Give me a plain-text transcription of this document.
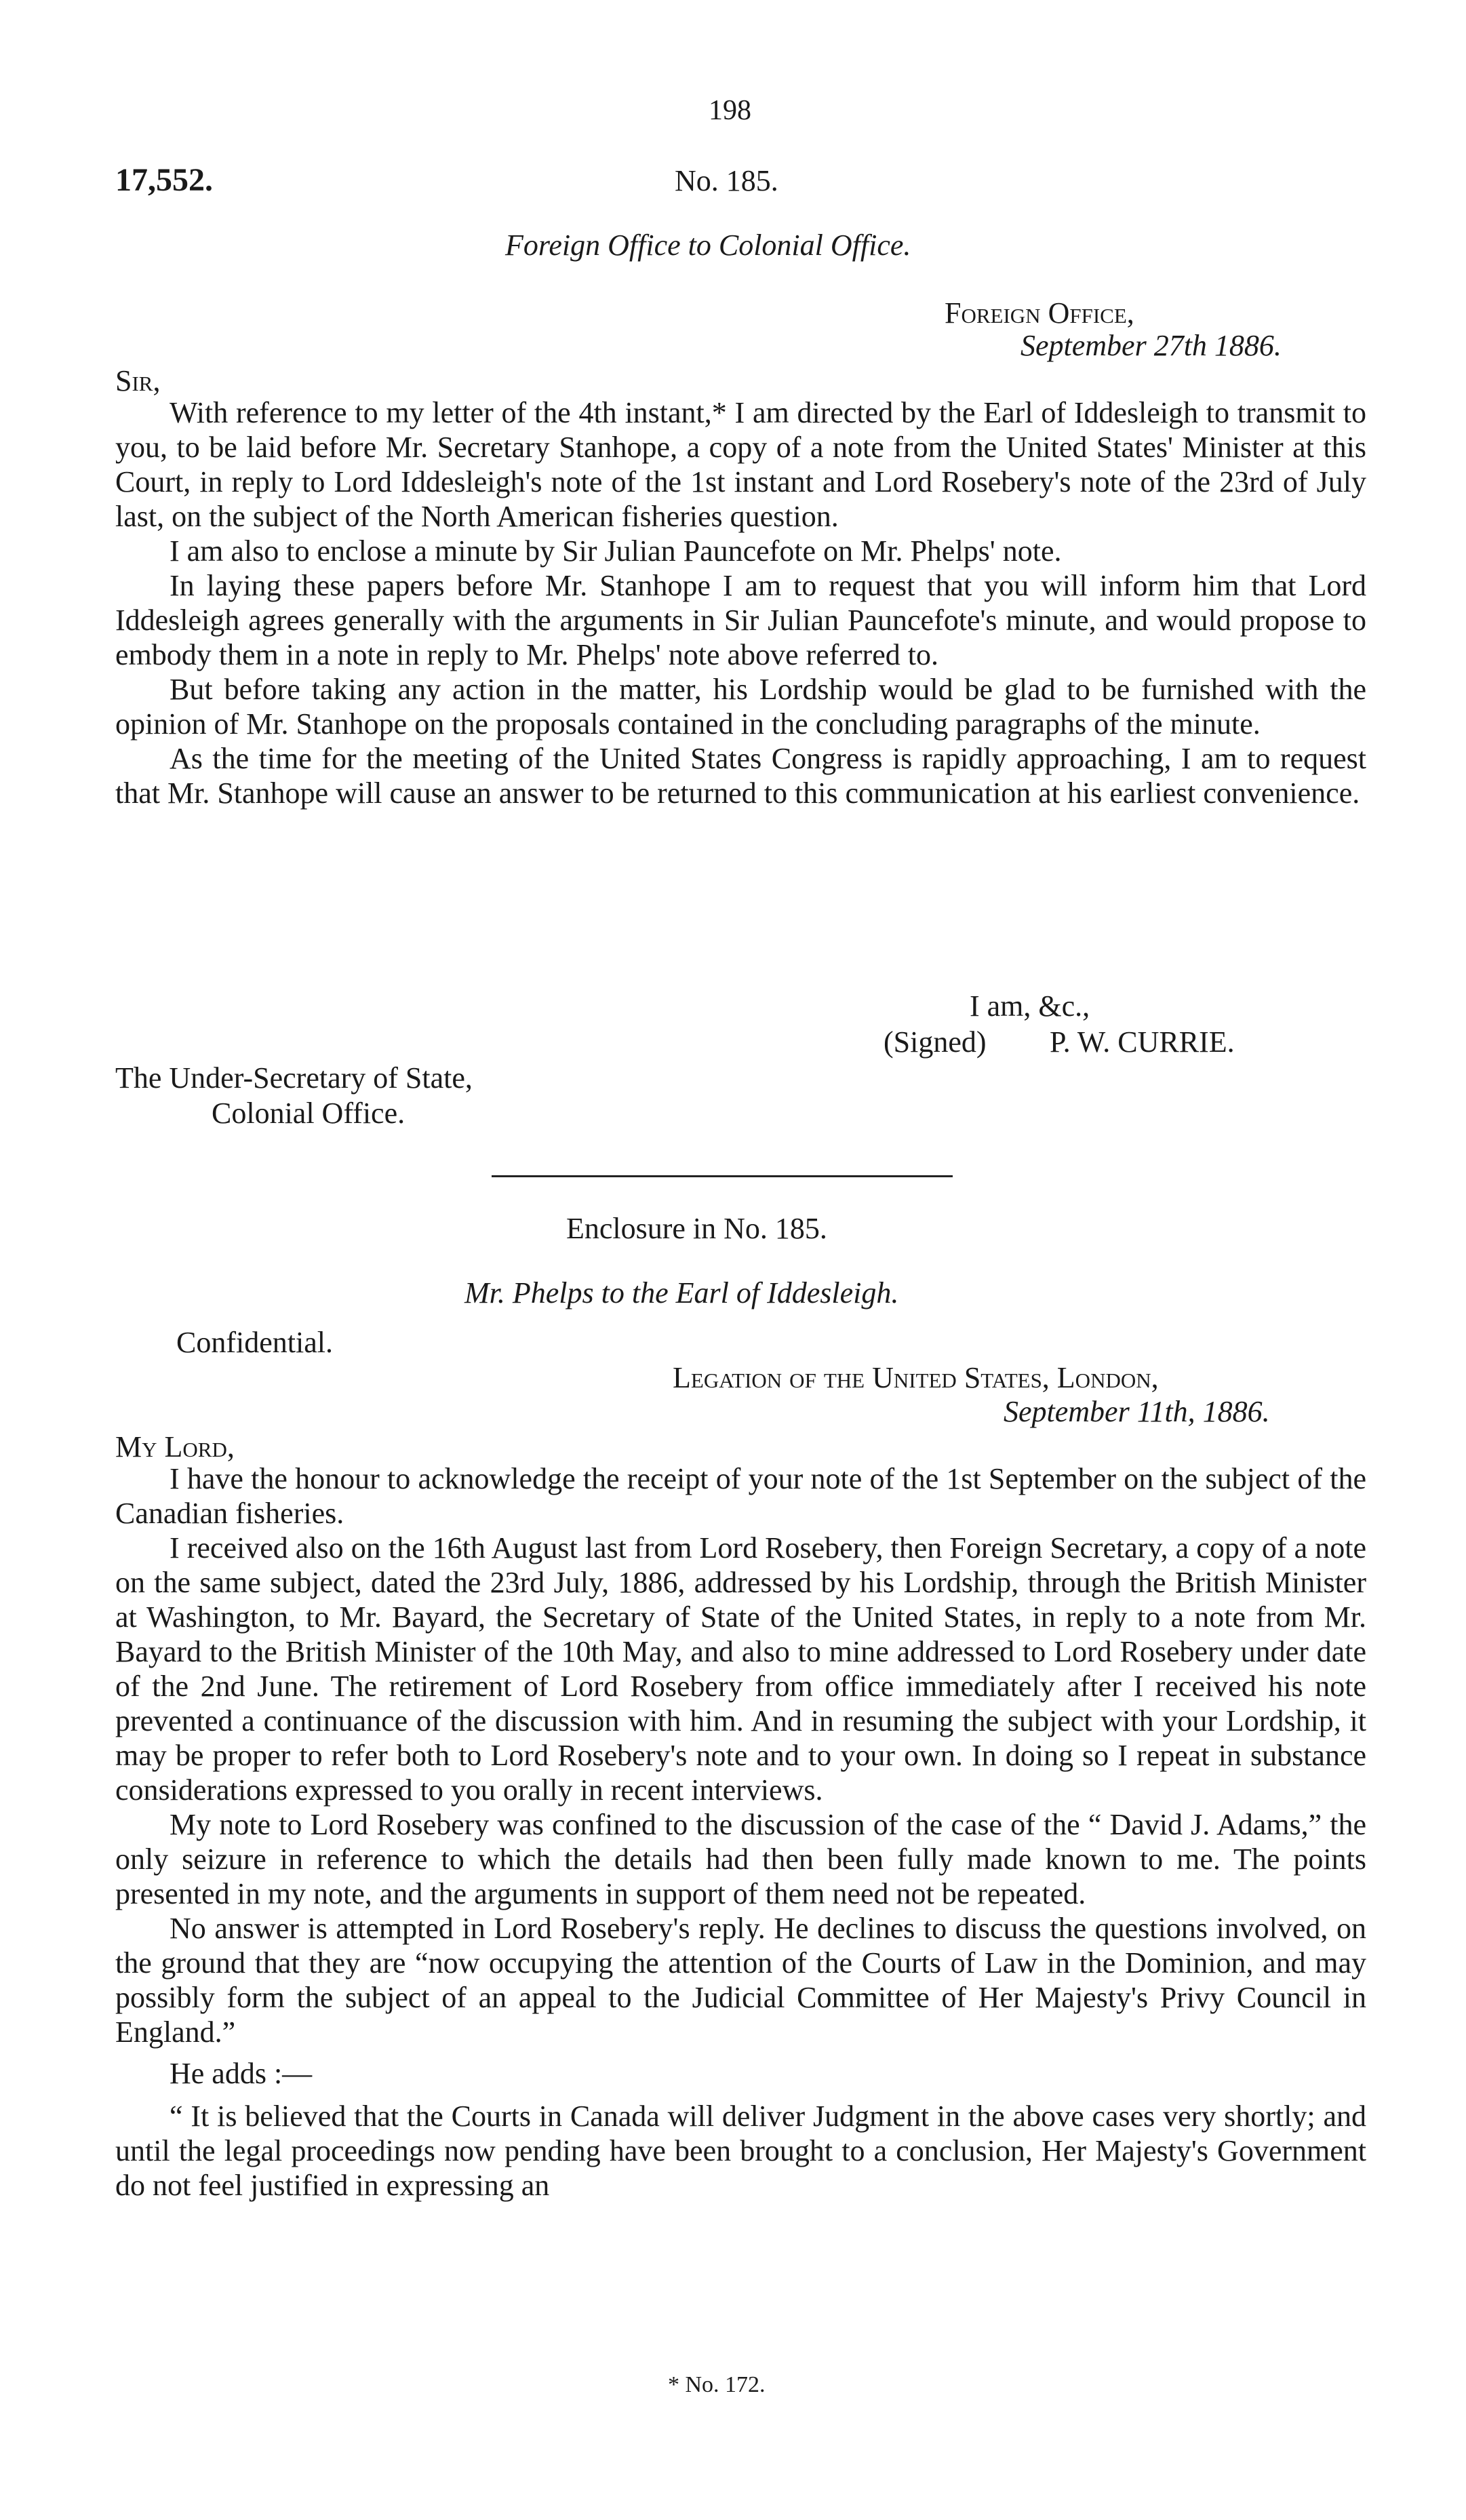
198
17,552.	No. 185.
Foreign Office to Colonial Office.
Foreign Office,
September 27th 1886.
Sir,

With reference to my letter of the 4th instant,* I am directed by the Earl of Iddesleigh to transmit to you, to be laid before Mr. Secretary Stanhope, a copy of a note from the United States' Minister at this Court, in reply to Lord Iddesleigh's note of the 1st instant and Lord Rosebery's note of the 23rd of July last, on the subject of the North American fisheries question.

I am also to enclose a minute by Sir Julian Pauncefote on Mr. Phelps' note.

In laying these papers before Mr. Stanhope I am to request that you will inform him that Lord Iddesleigh agrees generally with the arguments in Sir Julian Pauncefote's minute, and would propose to embody them in a note in reply to Mr. Phelps' note above referred to.

But before taking any action in the matter, his Lordship would be glad to be furnished with the opinion of Mr. Stanhope on the proposals contained in the concluding paragraphs of the minute.

As the time for the meeting of the United States Congress is rapidly approaching, I am to request that Mr. Stanhope will cause an answer to be returned to this communication at his earliest convenience.

I am, &c.,
(Signed) P. W. CURRIE.
The Under-Secretary of State,
Colonial Office.
Enclosure in No. 185.
Mr. Phelps to the Earl of Iddesleigh.
Confidential.
Legation of the United States, London,
September 11th, 1886.
My Lord,

I have the honour to acknowledge the receipt of your note of the 1st September on the subject of the Canadian fisheries.

I received also on the 16th August last from Lord Rosebery, then Foreign Secretary, a copy of a note on the same subject, dated the 23rd July, 1886, addressed by his Lordship, through the British Minister at Washington, to Mr. Bayard, the Secretary of State of the United States, in reply to a note from Mr. Bayard to the British Minister of the 10th May, and also to mine addressed to Lord Rosebery under date of the 2nd June. The retirement of Lord Rosebery from office immediately after I received his note prevented a continuance of the discussion with him. And in resuming the subject with your Lordship, it may be proper to refer both to Lord Rosebery's note and to your own. In doing so I repeat in substance considerations expressed to you orally in recent interviews.

My note to Lord Rosebery was confined to the discussion of the case of the “ David J. Adams,” the only seizure in reference to which the details had then been fully made known to me. The points presented in my note, and the arguments in support of them need not be repeated.

No answer is attempted in Lord Rosebery's reply. He declines to discuss the questions involved, on the ground that they are “now occupying the attention of the Courts of Law in the Dominion, and may possibly form the subject of an appeal to the Judicial Committee of Her Majesty's Privy Council in England.”

He adds :—

“ It is believed that the Courts in Canada will deliver Judgment in the above cases very shortly; and until the legal proceedings now pending have been brought to a conclusion, Her Majesty's Government do not feel justified in expressing an

* No. 172.
